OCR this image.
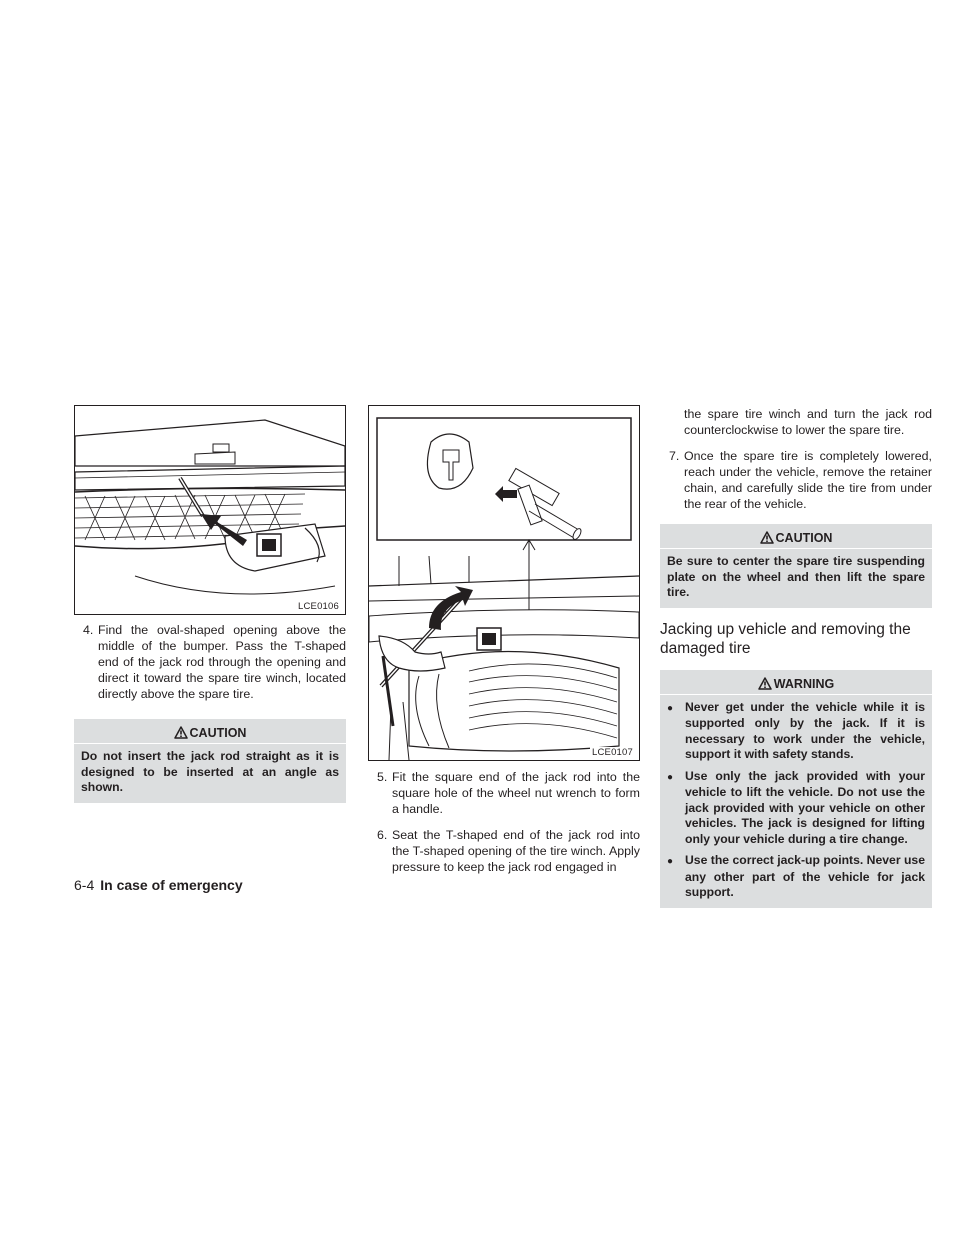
LCE0106

4. Find the oval-shaped opening above the middle of the bumper. Pass the T-shaped end of the jack rod through the opening and direct it toward the spare tire winch, located directly above the spare tire.

CAUTION

Do not insert the jack rod straight as it is designed to be inserted at an angle as shown.

LCE0107

5. Fit the square end of the jack rod into the square hole of the wheel nut wrench to form a handle.

6. Seat the T-shaped end of the jack rod into the T-shaped opening of the tire winch. Apply pressure to keep the jack rod engaged in

the spare tire winch and turn the jack rod counterclockwise to lower the spare tire.

7. Once the spare tire is completely lowered, reach under the vehicle, remove the retainer chain, and carefully slide the tire from under the rear of the vehicle.

CAUTION

Be sure to center the spare tire suspending plate on the wheel and then lift the spare tire.

Jacking up vehicle and removing the damaged tire
WARNING
● Never get under the vehicle while it is supported only by the jack. If it is necessary to work under the vehicle, support it with safety stands.
● Use only the jack provided with your vehicle to lift the vehicle. Do not use the jack provided with your vehicle on other vehicles. The jack is designed for lifting only your vehicle during a tire change.
● Use the correct jack-up points. Never use any other part of the vehicle for jack support.
6-4 In case of emergency
